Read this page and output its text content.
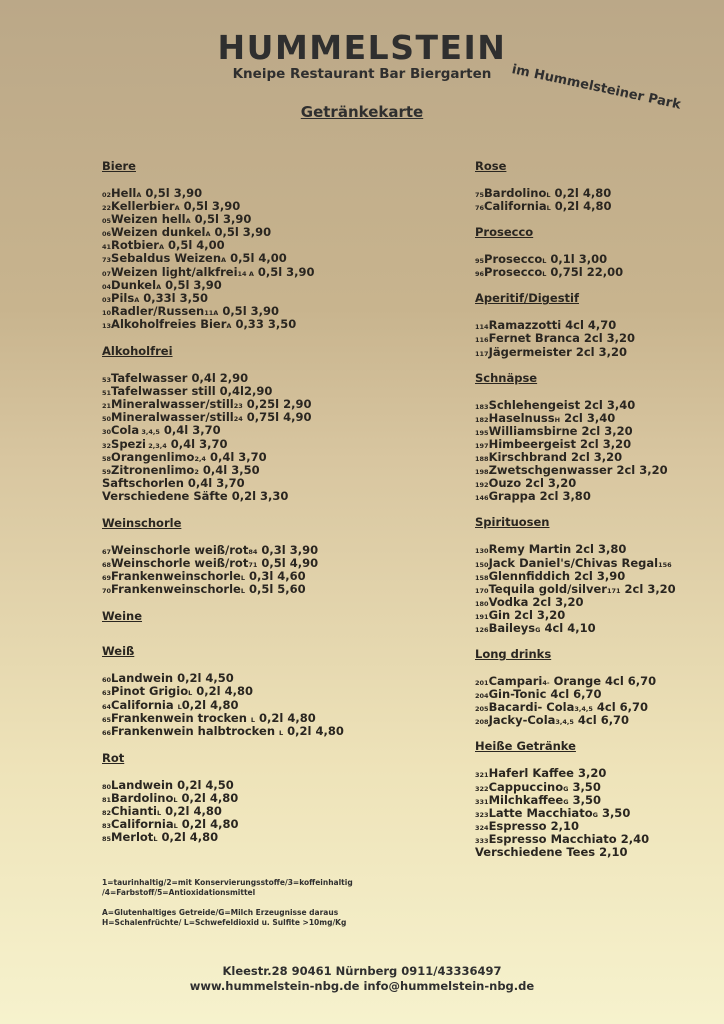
HUMMELSTEIN
Kneipe Restaurant Bar Biergarten	im Hummelsteiner Park
Getränkekarte
Biere
02HellA 0,5l 3,90
22KellerbierA 0,5l 3,90
05Weizen hellA 0,5l 3,90
06Weizen dunkelA 0,5l 3,90
41RotbierA 0,5l 4,00
73Sebaldus WeizenA 0,5l 4,00
07Weizen light/alkfrei14 A 0,5l 3,90
04DunkelA 0,5l 3,90
03PilsA 0,33l 3,50
10Radler/Russen11A 0,5l 3,90
13Alkoholfreies BierA 0,33 3,50
Alkoholfrei
53Tafelwasser 0,4l 2,90
51Tafelwasser still 0,4l2,90
21Mineralwasser/still23 0,25l 2,90
50Mineralwasser/still24 0,75l 4,90
30Cola 3,4,5 0,4l 3,70
32Spezi 2,3,4 0,4l 3,70
58Orangenlimo2,4 0,4l 3,70
59Zitronenlimo2 0,4l 3,50
Saftschorlen 0,4l 3,70
Verschiedene Säfte 0,2l 3,30
Weinschorle
67Weinschorle weiß/rot84 0,3l 3,90
68Weinschorle weiß/rot71 0,5l 4,90
69FrankenweinschorleL 0,3l 4,60
70FrankenweinschorleL 0,5l 5,60
Weine
Weiß
60Landwein 0,2l 4,50
63Pinot GrigioL 0,2l 4,80
64California L0,2l 4,80
65Frankenwein trocken L 0,2l 4,80
66Frankenwein halbtrocken L 0,2l 4,80
Rot
80Landwein 0,2l 4,50
81BardolinoL 0,2l 4,80
82ChiantiL 0,2l 4,80
83CaliforniaL 0,2l 4,80
85MerlotL 0,2l 4,80
Rose
75BardolinoL 0,2l 4,80
76CaliforniaL 0,2l 4,80
Prosecco
95ProseccoL 0,1l 3,00
96ProseccoL 0,75l 22,00
Aperitif/Digestif
114Ramazzotti 4cl 4,70
116Fernet Branca 2cl 3,20
117Jägermeister 2cl 3,20
Schnäpse
183Schlehengeist 2cl 3,40
182HaselnussH 2cl 3,40
195Williamsbirne 2cl 3,20
197Himbeergeist 2cl 3,20
188Kirschbrand 2cl 3,20
198Zwetschgenwasser 2cl 3,20
192Ouzo 2cl 3,20
146Grappa 2cl 3,80
Spirituosen
130Remy Martin 2cl 3,80
150Jack Daniel's/Chivas Regal156
158Glennfiddich 2cl 3,90
170Tequila gold/silver171 2cl 3,20
180Vodka 2cl 3,20
191Gin 2cl 3,20
126BaileysG 4cl 4,10
Long drinks
201Campari4- Orange 4cl 6,70
204Gin-Tonic 4cl 6,70
205Bacardi- Cola3,4,5 4cl 6,70
208Jacky-Cola3,4,5 4cl 6,70
Heiße Getränke
321Haferl Kaffee 3,20
322CappuccinoG 3,50
331MilchkaffeeG 3,50
323Latte MacchiatoG 3,50
324Espresso 2,10
333Espresso Macchiato 2,40
Verschiedene Tees 2,10
1=taurinhaltig/2=mit Konservierungsstoffe/3=koffeinhaltig
/4=Farbstoff/5=Antioxidationsmittel
A=Glutenhaltiges Getreide/G=Milch Erzeugnisse daraus
H=Schalenfrüchte/ L=Schwefeldioxid u. Sulfite >10mg/Kg
Kleestr.28 90461 Nürnberg 0911/43336497
www.hummelstein-nbg.de info@hummelstein-nbg.de
